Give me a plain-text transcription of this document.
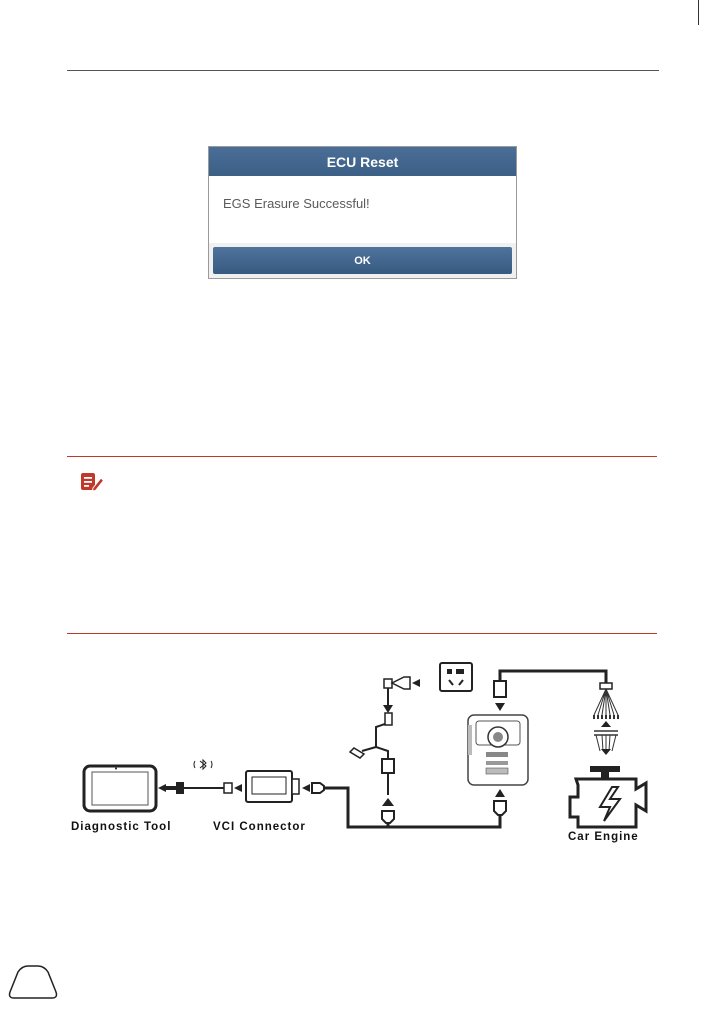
ECU Reset
EGS Erasure Successful!
OK
Diagnostic Tool	VCI Connector
Car Engine
